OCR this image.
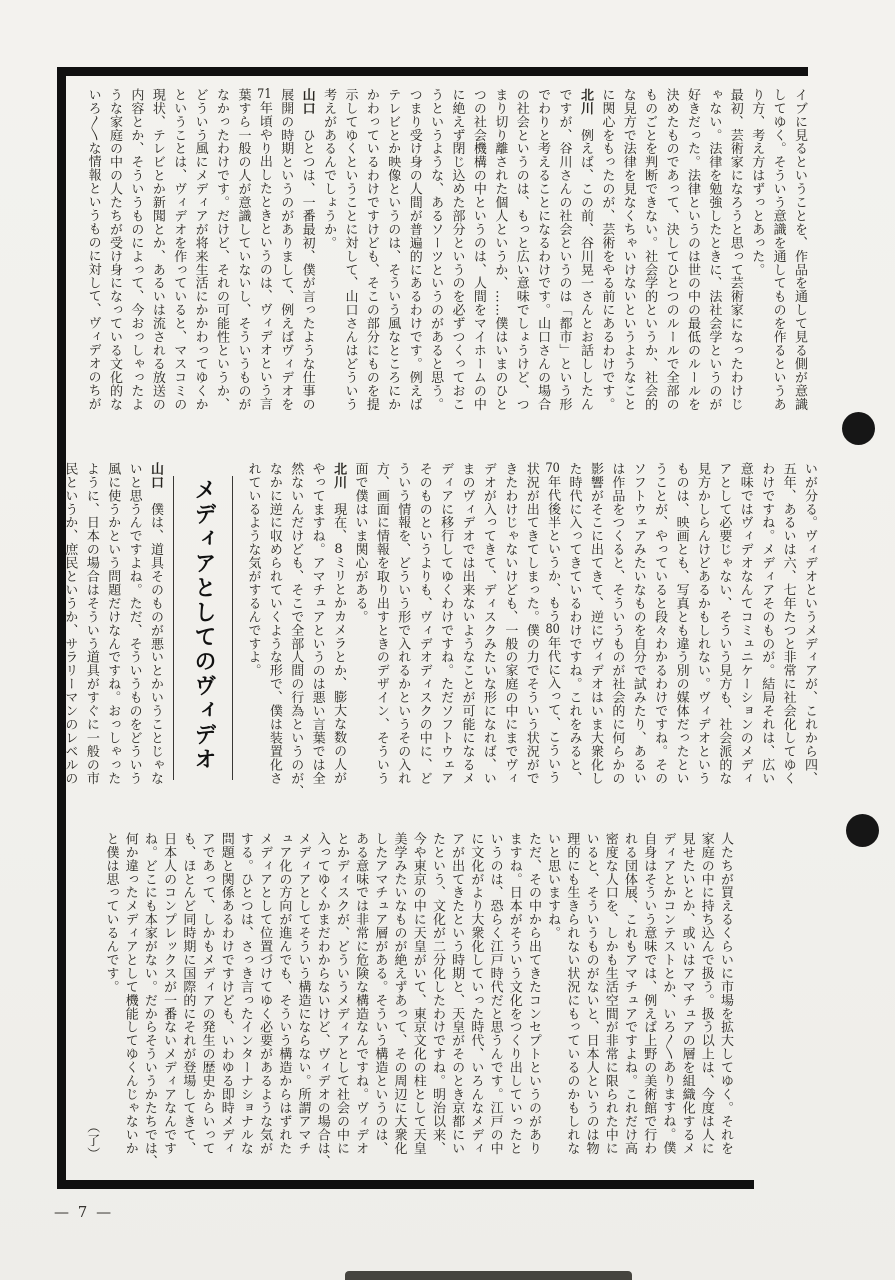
イブに見るということを、作品を通して見る側が意識
してゆく。そういう意識を通してものを作るというあ
り方、考え方はずっとあった。
最初、芸術家になろうと思って芸術家になったわけじ
ゃない。法律を勉強したときに、法社会学というのが
好きだった。法律というのは世の中の最低のルールを
決めたものであって、決してひとつのルールで全部の
ものごとを判断できない。社会学的というか、社会的
な見方で法律を見なくちゃいけないというようなこと
に関心をもったのが、芸術をやる前にあるわけです。
北川　例えば、この前、谷川晃一さんとお話ししたん
ですが、谷川さんの社会というのは「都市」という形
でわりと考えることになるわけです。山口さんの場合
の社会というのは、もっと広い意味でしょうけど、つ
まり切り離された個人というか、……僕はいまのひと
つの社会機構の中というのは、人間をマイホームの中
に絶えず閉じ込めた部分というのを必ずつくっておこ
うというような、あるソーツというのがあると思う。
つまり受け身の人間が普遍的にあるわけです。例えば
テレビとか映像というのは、そういう風なところにか
かわっているわけですけども、そこの部分にものを提
示してゆくということに対して、山口さんはどういう
考えがあるんでしょうか。
山口　ひとつは、一番最初、僕が言ったような仕事の
展開の時期というのがありまして、例えばヴィデオを
71年頃やり出したときというのは、ヴィデオという言
葉すら一般の人が意識していないし、そういうものが
なかったわけです。だけど、それの可能性というか、
どういう風にメディアが将来生活にかかわってゆくか
ということは、ヴィデオを作っていると、マスコミの
現状、テレビとか新聞とか、あるいは流される放送の
内容とか、そういうものによって、今おっしゃったよ
うな家庭の中の人たちが受け身になっている文化的な
いろ〳〵な情報というものに対して、ヴィデオのちが
いが分る。ヴィデオというメディアが、これから四、
五年、あるいは六、七年たつと非常に社会化してゆく
わけですね。メディアそのものが。結局それは、広い
意味ではヴィデオなんてコミュニケーションのメディ
アとして必要じゃない、そういう見方も、社会派的な
見方かしらんけどあるかもしれない。ヴィデオという
ものは、映画とも、写真とも違う別の媒体だったとい
うことが、やっていると段々わかるわけですね。その
ソフトウェアみたいなものを自分で試みたり、あるい
は作品をつくると、そういうものが社会的に何らかの
影響がそこに出てきて、逆にヴィデオはいま大衆化し
た時代に入ってきているわけですね。これをみると、
70年代後半というか、もう80年代に入って、こういう
状況が出てきてしまった。僕の力でそういう状況がで
きたわけじゃないけども、一般の家庭の中にまでヴィ
デオが入ってきて、ディスクみたいな形になれば、い
まのヴィデオでは出来ないようなことが可能になるメ
ディアに移行してゆくわけですね。ただソフトウェア
そのものというよりも、ヴィデオディスクの中に、ど
ういう情報を、どういう形で入れるかというその入れ
方、画面に情報を取り出すときのデザイン、そういう
面で僕はいま関心がある。
北川　現在、8ミリとかカメラとか、膨大な数の人が
やってますね。アマチュアというのは悪い言葉では全
然ないんだけども、そこで全部人間の行為というのが、
なかに逆に収められていくような形で、僕は装置化さ
れているような気がするんですよ。
メディアとしてのヴィデオ
山口　僕は、道具そのものが悪いとかいうことじゃな
いと思うんですよね。ただ、そういうものをどういう
風に使うかという問題だけなんですね。おっしゃった
ように、日本の場合はそういう道具がすぐに一般の市
民というか、庶民というか、サラリーマンのレベルの
人たちが買えるくらいに市場を拡大してゆく。それを
家庭の中に持ち込んで扱う。扱う以上は、今度は人に
見せたいとか、或いはアマチュアの層を組織化するメ
ディアとかコンテストとか、いろ〳〵ありますね。僕
自身はそういう意味では、例えば上野の美術館で行わ
れる団体展、これもアマチュアですよね。これだけ高
密度な人口を、しかも生活空間が非常に限られた中に
いると、そういうものがないと、日本人というのは物
理的にも生きられない状況にもっているのかもしれな
いと思いますね。
ただ、その中から出てきたコンセプトというのがあり
ますね。日本がそういう文化をつくり出していったと
いうのは、恐らく江戸時代だと思うんです。江戸の中
に文化がより大衆化していった時代、いろんなメディ
アが出てきたという時期と、天皇がそのとき京都にい
たという、文化が二分化したわけですね。明治以来、
今や東京の中に天皇がいて、東京文化の柱として天皇
美学みたいなものが絶えずあって、その周辺に大衆化
したアマチュア層がある。そういう構造というのは、
ある意味では非常に危険な構造なんですね。ヴィデオ
とかディスクが、どういうメディアとして社会の中に
入ってゆくかまだわからないけど、ヴィデオの場合は、
メディアとしてそういう構造にならない。所謂アマチ
ュア化の方向が進んでも、そういう構造からはずれた
メディアとして位置づけてゆく必要があるような気が
する。ひとつは、さっき言ったインターナショナルな
問題と関係あるわけですけども、いわゆる即時メディ
アであって、しかもメディアの発生の歴史からいって
も、ほとんど同時期に国際的にそれが登場してきて、
日本人のコンプレックスが一番ないメディアなんです
ね。どこにも本家がない。だからそういうかたちでは、
何か違ったメディアとして機能してゆくんじゃないか
と僕は思っているんです。
（了）
— 7 —
